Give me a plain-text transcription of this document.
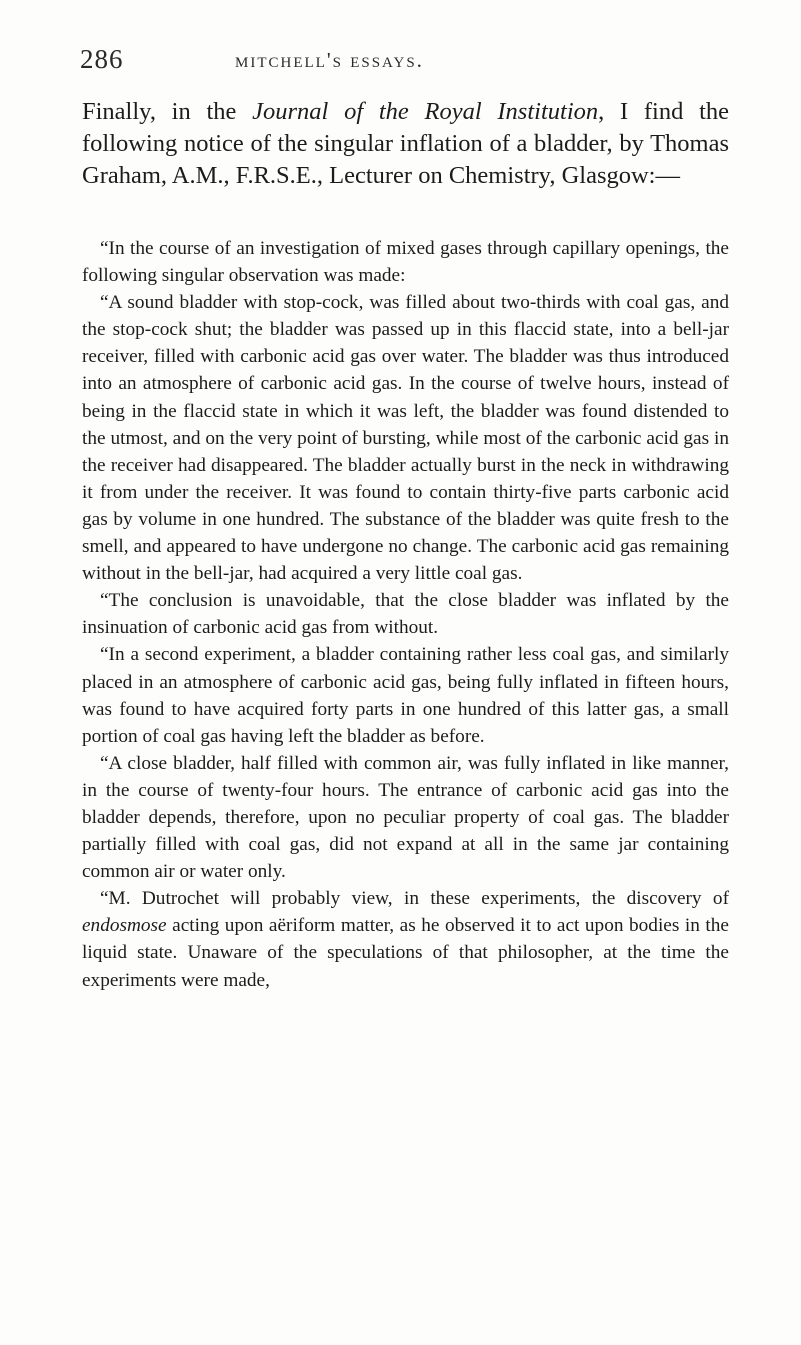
286	mitchell's essays.

Finally, in the Journal of the Royal Institution, I find the following notice of the singular inflation of a bladder, by Thomas Graham, A.M., F.R.S.E., Lecturer on Chemistry, Glasgow:—

“In the course of an investigation of mixed gases through capillary openings, the following singular observation was made:

“A sound bladder with stop-cock, was filled about two-thirds with coal gas, and the stop-cock shut; the bladder was passed up in this flaccid state, into a bell-jar receiver, filled with carbonic acid gas over water. The bladder was thus introduced into an atmosphere of carbonic acid gas. In the course of twelve hours, instead of being in the flaccid state in which it was left, the bladder was found distended to the utmost, and on the very point of bursting, while most of the carbonic acid gas in the receiver had disappeared. The bladder actually burst in the neck in withdrawing it from under the receiver. It was found to contain thirty-five parts carbonic acid gas by volume in one hundred. The substance of the bladder was quite fresh to the smell, and appeared to have undergone no change. The carbonic acid gas remaining without in the bell-jar, had acquired a very little coal gas.

“The conclusion is unavoidable, that the close bladder was inflated by the insinuation of carbonic acid gas from without.

“In a second experiment, a bladder containing rather less coal gas, and similarly placed in an atmosphere of carbonic acid gas, being fully inflated in fifteen hours, was found to have acquired forty parts in one hundred of this latter gas, a small portion of coal gas having left the bladder as before.

“A close bladder, half filled with common air, was fully inflated in like manner, in the course of twenty-four hours. The entrance of carbonic acid gas into the bladder depends, therefore, upon no peculiar property of coal gas. The bladder partially filled with coal gas, did not expand at all in the same jar containing common air or water only.

“M. Dutrochet will probably view, in these experiments, the discovery of endosmose acting upon aëriform matter, as he observed it to act upon bodies in the liquid state. Unaware of the speculations of that philosopher, at the time the experiments were made,
